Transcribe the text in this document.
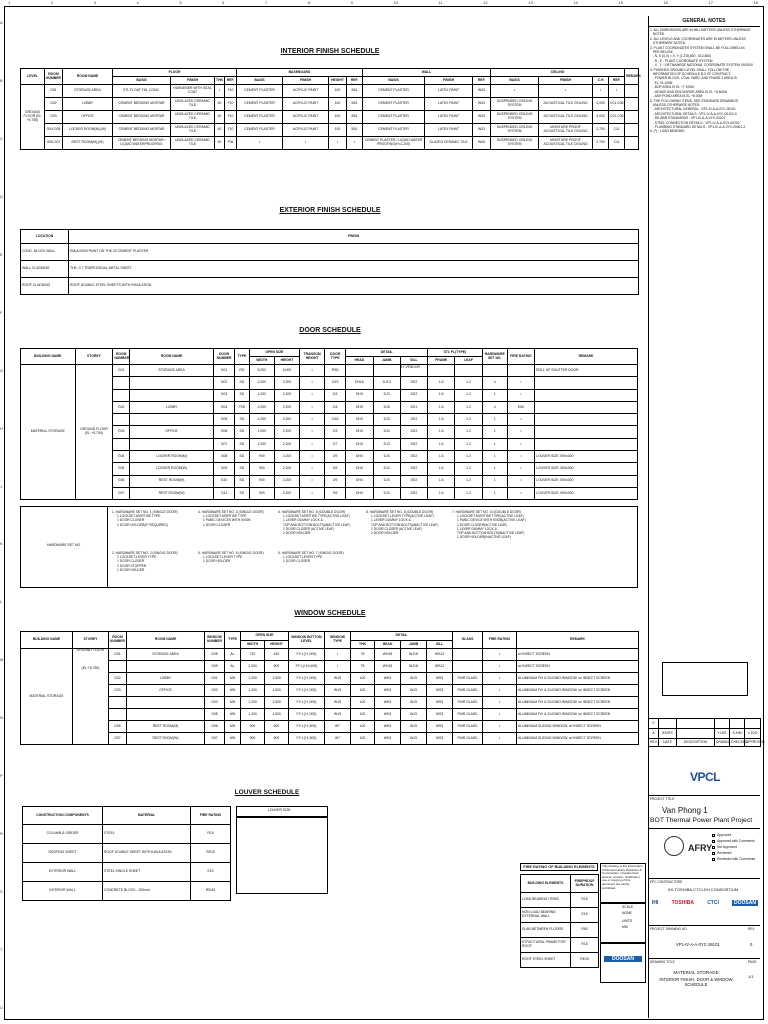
1	2	3	4	5	6	7	8	9	10	11	12	13	14	15	16	17	18
A
B
C
D
E
F
G
H
J
K
L
M
N
P
R
S
T
U
INTERIOR FINISH SCHEDULE
LEVEL	ROOM NUMBER	ROOM NAME	FLOOR				BASEBOARD				WALL			CEILING				REMARK
			BASIS	FINISH	THK	REF.	BASIS	FINISH	HEIGHT	REF.	BASIS	FINISH	REF.	BASIS	FINISH	C.H	REF.	
GROUND FLOOR (EL +5.750)	G01	STORAGE AREA	STL FLOAT FIN. CONC.	HARDENER WITH SEAL COAT	•	F10	CEMENT PLASTER	ACRYLIC PAINT	100	B01	CEMENT PLASTER	LATEX PAINT	W03	•	•	•	•	
	G02	LOBBY	CEMENT BEDDING MORTAR	UNGLAZED CERAMIC TILE	40	F10	CEMENT PLASTER	ACRYLIC PAINT	100	B01	CEMENT PLASTER	LATEX PAINT	W03	SUSPENDED CEILING SYSTEM	ACOUSTICAL TILE CEILING	3,000	C01,C08	
	G03	OFFICE	CEMENT BEDDING MORTAR	UNGLAZED CERAMIC TILE	40	F10	CEMENT PLASTER	ACRYLIC PAINT	100	B01	CEMENT PLASTER	LATEX PAINT	W03	SUSPENDED CEILING SYSTEM	ACOUSTICAL TILE CEILING	3,000	C01,C08	
	G04,G05	LOCKER ROOM(M),(W)	CEMENT BEDDING MORTAR	UNGLAZED CERAMIC TILE	40	F10	CEMENT PLASTER	ACRYLIC PAINT	100	B01	CEMENT PLASTER	LATEX PAINT	W03	SUSPENDED CEILING SYSTEM	MOISTURE PROOF ACOUSTICAL TILE CEILING	2,700	C11	
	G06,G07	REST ROOM(M),(W)	CEMENT BEDDING MORTAR / LIQUID WATERPROOFING	UNGLAZED CERAMIC TILE	50	F06	•	•	•	•	CEMENT PLASTER / LIQUID WATER PROOFING(H=1,200)	GLAZED CERAMIC TILE	W05	SUSPENDED CEILING SYSTEM	MOISTURE PROOF ACOUSTICAL TILE CEILING	2,700	C11	
EXTERIOR FINISH SCHEDULE
LOCATION	FINISH
CONC. BLOCK WALL	EMULSION PAINT ON THK.20 CEMENT PLASTER
WALL CLADDING	THK. 0.7 TRAPEZOIDAL METAL SHEET
ROOF CLADDING	ROOF DOUBLE STEEL SHEETS WITH INSULATION
DOOR SCHEDULE
BUILDING NAME	STOREY	ROOM NUMBER	ROOM NAME	DOOR NUMBER	TYPE	OPEN SIZE		TRANSOM HEIGHT	DOOR TYPE	DETAIL			STL FL(TYPE)		HARDWARE SET NO.	FIRE RATING	REMARK
						WIDTH	HEIGHT			HEAD	JAMB	SILL	FRAME	LEAF			
MATERIAL STORAGE	GROUND FLOOR (EL.+5.750)	G01	STORAGE AREA	G01	RD	5,000	5,000	•	RSD								ROLL UP SHUTTER DOOR
				G02	SD	2,000	2,200	•	D19	DH18	DJ13	DS2	1.6	1.2	4	•	
				G03	SD	1,000	2,200	•	D3	DH3	DJ3	DS2	1.6	1.2	1	•	
		G02	LOBBY	G04	FSD	2,000	2,200	•	D4	DH5	DJ5	DS1	1.6	1.2	4	E60	
				G05	SD	1,000	2,200	•	D18	DH3	DJ3	DS2	1.6	1.2	1	•	
		G03	OFFICE	G06	SD	1,000	2,200	•	D3	DH4	DJ4	DS2	1.6	1.2	1	•	
				G07	SD	1,000	2,200	•	D7	DH3	DJ3	DS2	1.6	1.2	1	•	
		G04	LOCKER ROOM(M)	G08	SD	900	2,200	•	D9	DH4	DJ4	DS2	1.6	1.2	1	•	LOUVER SIZE: 500x300
		G05	LOCKER ROOM(W)	G09	SD	900	2,200	•	D9	DH4	DJ4	DS2	1.6	1.2	1	•	LOUVER SIZE: 500x300
		G06	REST ROOM(M)	G10	SD	900	2,200	•	D9	DH4	DJ4	DS2	1.6	1.2	1	•	LOUVER SIZE: 500x300
		G07	REST ROOM(W)	G11	SD	900	2,200	•	D9	DH4	DJ4	DS2	1.6	1.2	1	•	LOUVER SIZE: 500x300
BY VENDOR
HARDWARE SET NO.
1. HARDWARE SET NO. 1 (SINGLE DOOR)
1 LOCKSET-MORTISE TYPE
1 DOOR CLOSER
1 DOOR HOLDER(IF REQUIRED)
4. HARDWARE SET NO. 3 (SINGLE DOOR)
1 LOCKSET-MORTISE TYPE
1 PANIC DEVICES WITH KNOB
1 DOOR CLOSER
6. HARDWARE SET NO. 6 (DOUBLE DOOR)
1 LOCKSET-MORTISE TYPE(ACTIVE LEAF)
1 LEVER DUMMY LOCK &
TOP AND BOTTOM BOLTS(INACTIVE LEAF)
1 DOOR CLOSER (ACTIVE LEAF)
2 DOOR HOLDER
8. HARDWARE SET NO. 8 (DOUBLE DOOR)
1 LOCKSET-LEVER TYPE(ACTIVE LEAF)
1 LEVER DUMMY LOCK &
TOP AND BOTTOM BOLTS(INACTIVE LEAF)
1 DOOR CLOSER (ACTIVE LEAF)
2 DOOR HOLDER
7. HARDWARE SET NO. 10 (DOUBLE DOOR)
1 LOCKSET-MORTISE TYPE(ACTIVE LEAF)
1 PANIC DEVICE WITH KNOB(ACTIVE LEAF)
1 DOOR CLOSER(ACTIVE LEAF)
1 LEVER DUMMY LOCK &
TOP AND BOTTOM BOLTS(INACTIVE LEAF)
1 DOOR HOLDER(INACTIVE LEAF)
2. HARDWARE SET NO. 2 (SINGLE DOOR)
1 LOCKSET-LEVER TYPE
1 DOOR CLOSER
1 DOOR STOPPER
1 DOOR HOLDER
5. HARDWARE SET NO. 5 (SINGLE DOOR)
1 LOCKSET-LEVER TYPE
1 DOOR HOLDER
5. HARDWARE SET NO. 7 (SINGLE DOOR)
1 LOCKSET-LEVER TYPE
1 DOOR CLOSER
WINDOW SCHEDULE
BUILDING NAME	STOREY	ROOM NUMBER	ROOM NAME	WINDOW NUMBER	TYPE	OPEN SIZE		WINDOW BOTTOM LEVEL	WINDOW TYPE	DETAIL				GLASS	FIRE RATING	REMARK
						WIDTH	HEIGHT			THK	HEAD	JAMB	SILL			
MATERIAL STORAGE	GROUND FLOOR
(EL.+5.750)	G01	STORAGE AREA	G08	AL	720	420	F.F.L(+1,000)	•	75	WH18	WJ18	WS12		•	w/ INSECT SCREEN
				G09	AL	2,000	600	F.F.L(+10,400)	•	75	WH18	WJ18	WS12		•	w/ INSECT SCREEN
		G02	LOBBY	G01	AW	1,200	1,500	F.F.L(+1,000)	W19	100	WH3	WJ3	WS3	PAIR GLASS	•	ALUMINIUM FIX & SLIDING WINDOW, w/ INSECT SCREEN
		G03	OFFICE	G02	AW	1,200	1,500	F.F.L(+1,000)	W19	100	WH3	WJ3	WS3	PAIR GLASS	•	ALUMINIUM FIX & SLIDING WINDOW, w/ INSECT SCREEN
				G03	AW	1,200	1,500	F.F.L(+1,000)	W19	100	WH3	WJ3	WS3	PAIR GLASS	•	ALUMINIUM FIX & SLIDING WINDOW, w/ INSECT SCREEN
				G05	AW	1,200	1,500	F.F.L(+1,000)	W19	100	WH3	WJ3	WS3	PAIR GLASS	•	ALUMINIUM FIX & SLIDING WINDOW, w/ INSECT SCREEN
		G06	REST ROOM(M)	G06	AW	900	600	F.F.L(+1,500)	W7	100	WH3	WJ3	WS3	PAIR GLASS	•	ALUMINIUM SLIDING WINDOW, w/ INSECT SCREEN
		G07	REST ROOM(W)	G07	AW	900	600	F.F.L(+1,500)	W7	100	WH3	WJ3	WS3	PAIR GLASS	•	ALUMINIUM SLIDING WINDOW, w/ INSECT SCREEN
LOUVER SCHEDULE
LOUVER SIZE:
CONSTRUCTION COMPONENTS	MATERIAL	FIRE RATING
COLUMN & GIRDER	STEEL	R15
ROOFING SHEET	ROOF DOUBLE SHEET WITH INSULATION	RE15
EXTERIOR WALL	STEEL SINGLE SHEET	E15
INTERIOR WALL	CONCRETE BLOCK - 200mm	REI45
FIRE RATING OF BUILDING ELEMENTS
BUILDING ELEMENTS	FIREPROOF DURATION
LOAD BEARING ITEMS	R15
NON LOAD BEARING EXTERNAL WALL	E15
SLAB BETWEEN FLOORS	R60
STRUCTURAL FRAME FOR ROOF	R15
ROOF STEEL SHEET	RE15
GENERAL NOTES
1. ALL DIMENSIONS ARE IN MILLIMETERS UNLESS OTHERWISE
NOTED.
2. ALL LEVELS AND COORDINATES ARE IN METERS UNLESS
OTHERWISE NOTED.
3. PLANT COORDINATES SYSTEM SHALL BE FOLLOWED AS
PER BELOW;
- N, E (0,0) = X, Y (1,378,800 , 612,800)
- N , E : PLANT COORDINATE SYSTEM
- X , Y : VIETNAMESE NATIONAL COORDINATE SYSTEM VN2000
4. FINISHED GROUND LEVEL SHALL FOLLOW THE
INFORMATION OF SCHEDULE B.3 OF CONTRACT.
- POWER BLOCK, COAL YARD, AND PHASE 2 AREA IS
EL +5.100M
- BOP AREA IS EL +7.100M
- INTAKE AND DISCHARGE AREA IS EL +5.800M
- ASH POND AREA IS EL +5.00M
5. THE FOLLOWING ITEMS, SEE STANDARD DRAWINGS
UNLESS OTHERWISE NOTED.
- ARCHITECTURAL GENERAL : VP1-0/-A-A-0YC-00101
- ARCHITECTURAL DETAILS : VP1-0/-A-A-0YC-00102-0
- RE-BAR STANDARDS : VP1-0/-A-A-0YX-00201
- STEEL CONNECTION DETAILS : VP1-0/-A-A-0YX-00202
- PLUMBING STANDARD DETAILS : VP1-0/-A-A-0YX-00401-2
6. (*) : LOAD BEARING
0					
A	IFA/IFC		Y.LEE	S.KIM	Y.JOO
REV.	DATE	DESCRIPTION	DRAWN	CHECKED	APPROVED
PROJECT TITLE
VPCL
Van Phong 1
BOT Thermal Power Plant Project
AFRY
Approved
Approved with Comments
Not Approved
Reviewed
Reviewed with Comments
EPC CONTRACTORS
IHI-TOSHIBA-CTCI-DH CONSORTIUM
IHI	TOSHIBA	CTCI	DOOSAN
This drawing is the information of Doosan Heavy Industries & Construction. Unauthorized access, revision, distribution, use or copying of this document are strictly prohibited.
SCALE
NONE
UNITS
MM
DOOSAN
PROJECT DRAWING NO.	REV.
VP1-0/-A-A-0YC-36101	0
DRAWING TITLE	PAGE
MATERIAL STORAGE
INTERIOR FINISH, DOOR & WINDOW SCHEDULE
1/1
